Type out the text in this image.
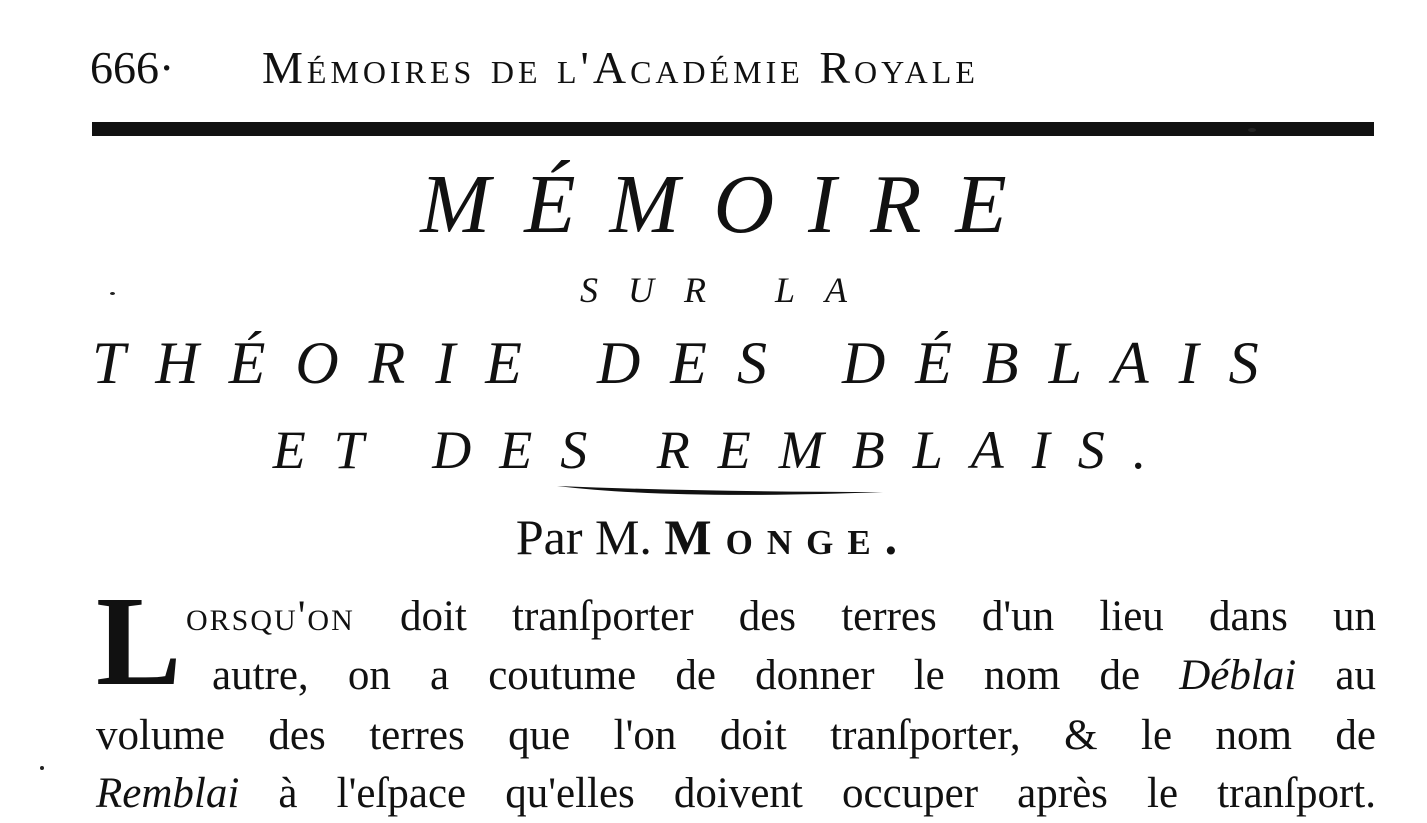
666· Mémoires de l'Académie Royale
MÉMOIRE
SUR LA
THÉORIE DES DÉBLAIS
ET DES REMBLAIS.
Par M. Monge.
L orsqu'on doit tranſporter des terres d'un lieu dans un
autre, on a coutume de donner le nom de Déblai au
volume des terres que l'on doit tranſporter, & le nom de
Remblai à l'eſpace qu'elles doivent occuper après le tranſport.
